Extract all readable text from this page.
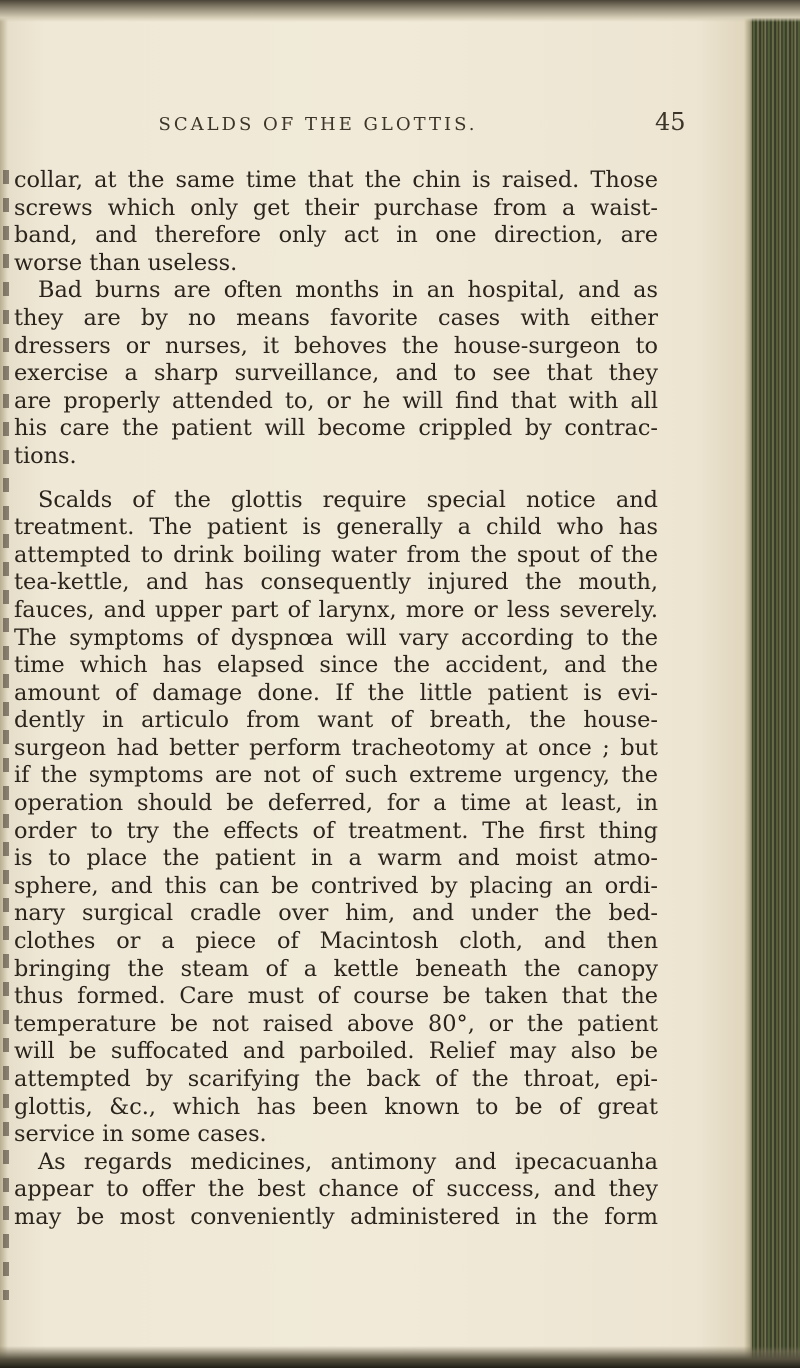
SCALDS OF THE GLOTTIS.	45
collar, at the same time that the chin is raised. Those
screws which only get their purchase from a waist-
band, and therefore only act in one direction, are
worse than useless.
Bad burns are often months in an hospital, and as
they are by no means favorite cases with either
dressers or nurses, it behoves the house-surgeon to
exercise a sharp surveillance, and to see that they
are properly attended to, or he will find that with all
his care the patient will become crippled by contrac-
tions.
Scalds of the glottis require special notice and
treatment. The patient is generally a child who has
attempted to drink boiling water from the spout of the
tea-kettle, and has consequently injured the mouth,
fauces, and upper part of larynx, more or less severely.
The symptoms of dyspnœa will vary according to the
time which has elapsed since the accident, and the
amount of damage done. If the little patient is evi-
dently in articulo from want of breath, the house-
surgeon had better perform tracheotomy at once ; but
if the symptoms are not of such extreme urgency, the
operation should be deferred, for a time at least, in
order to try the effects of treatment. The first thing
is to place the patient in a warm and moist atmo-
sphere, and this can be contrived by placing an ordi-
nary surgical cradle over him, and under the bed-
clothes or a piece of Macintosh cloth, and then
bringing the steam of a kettle beneath the canopy
thus formed. Care must of course be taken that the
temperature be not raised above 80°, or the patient
will be suffocated and parboiled. Relief may also be
attempted by scarifying the back of the throat, epi-
glottis, &c., which has been known to be of great
service in some cases.
As regards medicines, antimony and ipecacuanha
appear to offer the best chance of success, and they
may be most conveniently administered in the form
